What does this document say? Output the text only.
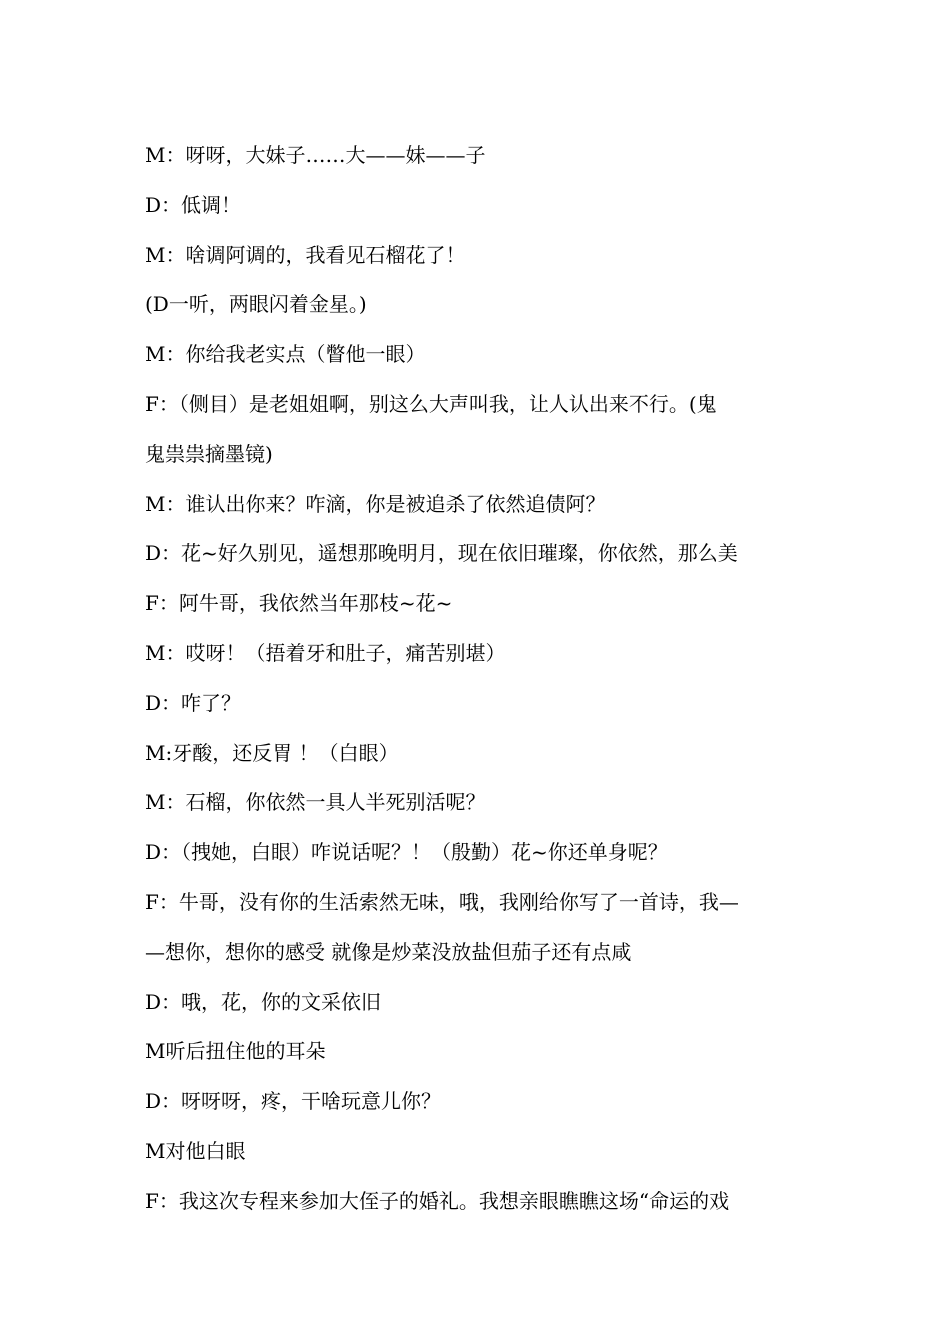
M：呀呀，大妹子……大——妹——子
D：低调！
M：啥调阿调的，我看见石榴花了！
(D一听，两眼闪着金星。)
M：你给我老实点（瞥他一眼）
F：（侧目）是老姐姐啊，别这么大声叫我，让人认出来不行。(鬼
鬼祟祟摘墨镜)
M：谁认出你来？咋滴，你是被追杀了依然追债阿？
D：花~好久别见，遥想那晚明月，现在依旧璀璨，你依然，那么美
F：阿牛哥，我依然当年那枝~花~
M：哎呀！（捂着牙和肚子，痛苦别堪）
D：咋了？
M:牙酸，还反胃 ！（白眼）
M：石榴，你依然一具人半死别活呢？
D：（拽她，白眼）咋说话呢？！（殷勤）花~你还单身呢？
F：牛哥，没有你的生活索然无味，哦，我刚给你写了一首诗，我—
—想你，想你的感受 就像是炒菜没放盐但茄子还有点咸
D：哦，花，你的文采依旧
M听后扭住他的耳朵
D：呀呀呀，疼，干啥玩意儿你？
M对他白眼
F：我这次专程来参加大侄子的婚礼。我想亲眼瞧瞧这场“命运的戏
